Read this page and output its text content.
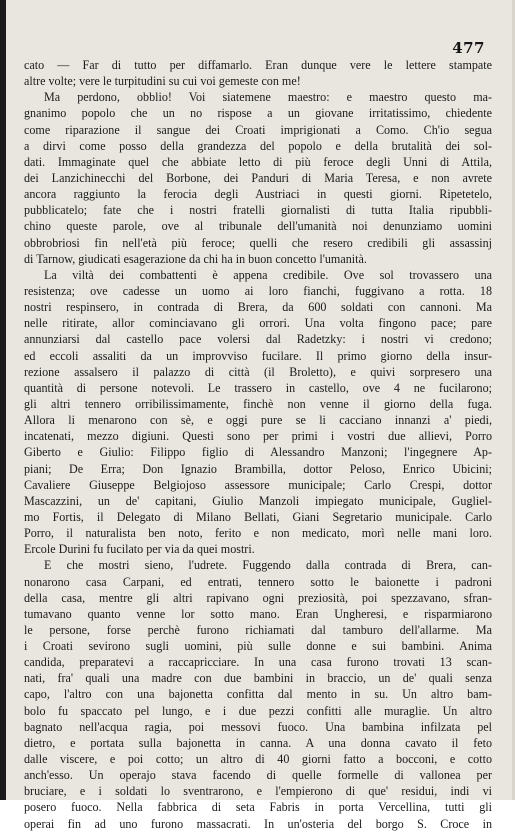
477
cato — Far di tutto per diffamarlo. Eran dunque vere le lettere stampate
altre volte; vere le turpitudini su cui voi gemeste con me!
Ma perdono, obblio! Voi siatemene maestro: e maestro questo ma-
gnanimo popolo che un no rispose a un giovane irritatissimo, chiedente
come riparazione il sangue dei Croati imprigionati a Como. Ch'io segua
a dirvi come posso della grandezza del popolo e della brutalità dei sol-
dati. Immaginate quel che abbiate letto di più feroce degli Unni di Attila,
dei Lanzichinecchi del Borbone, dei Panduri di Maria Teresa, e non avrete
ancora raggiunto la ferocia degli Austriaci in questi giorni. Ripetetelo,
pubblicatelo; fate che i nostri fratelli giornalisti di tutta Italia ripubbli-
chino queste parole, ove al tribunale dell'umanità noi denunziamo uomini
obbrobriosi fin nell'età più feroce; quelli che resero credibili gli assassinj
di Tarnow, giudicati esagerazione da chi ha in buon concetto l'umanità.
La viltà dei combattenti è appena credibile. Ove sol trovassero una
resistenza; ove cadesse un uomo ai loro fianchi, fuggivano a rotta. 18
nostri respinsero, in contrada di Brera, da 600 soldati con cannoni. Ma
nelle ritirate, allor cominciavano gli orrori. Una volta fingono pace; pare
annunziarsi dal castello pace volersi dal Radetzky: i nostri vi credono;
ed eccoli assaliti da un improvviso fucilare. Il primo giorno della insur-
rezione assalsero il palazzo di città (il Broletto), e quivi sorpresero una
quantità di persone notevoli. Le trassero in castello, ove 4 ne fucilarono;
gli altri tennero orribilissimamente, finchè non venne il giorno della fuga.
Allora li menarono con sè, e oggi pure se li cacciano innanzi a' piedi,
incatenati, mezzo digiuni. Questi sono per primi i vostri due allievi, Porro
Giberto e Giulio: Filippo figlio di Alessandro Manzoni; l'ingegnere Ap-
piani; De Erra; Don Ignazio Brambilla, dottor Peloso, Enrico Ubicini;
Cavaliere Giuseppe Belgiojoso assessore municipale; Carlo Crespi, dottor
Mascazzini, un de' capitani, Giulio Manzoli impiegato municipale, Gugliel-
mo Fortis, il Delegato di Milano Bellati, Giani Segretario municipale. Carlo
Porro, il naturalista ben noto, ferito e non medicato, morì nelle mani loro.
Ercole Durini fu fucilato per via da quei mostri.
E che mostri sieno, l'udrete. Fuggendo dalla contrada di Brera, can-
nonarono casa Carpani, ed entrati, tennero sotto le baionette i padroni
della casa, mentre gli altri rapivano ogni preziosità, poi spezzavano, sfran-
tumavano quanto venne lor sotto mano. Eran Ungheresi, e risparmiarono
le persone, forse perchè furono richiamati dal tamburo dell'allarme. Ma
i Croati sevirono sugli uomini, più sulle donne e sui bambini. Anima
candida, preparatevi a raccapricciare. In una casa furono trovati 13 scan-
nati, fra' quali una madre con due bambini in braccio, un de' quali senza
capo, l'altro con una bajonetta confitta dal mento in su. Un altro bam-
bolo fu spaccato pel lungo, e i due pezzi confitti alle muraglie. Un altro
bagnato nell'acqua ragia, poi messovi fuoco. Una bambina infilzata pel
dietro, e portata sulla bajonetta in canna. A una donna cavato il feto
dalle viscere, e poi cotto; un altro di 40 giorni fatto a bocconi, e cotto
anch'esso. Un operajo stava facendo di quelle formelle di vallonea per
bruciare, e i soldati lo sventrarono, e l'empierono di que' residui, indi vi
posero fuoco. Nella fabbrica di seta Fabris in porta Vercellina, tutti gli
operai fin ad uno furono massacrati. In un'osteria del borgo S. Croce in
